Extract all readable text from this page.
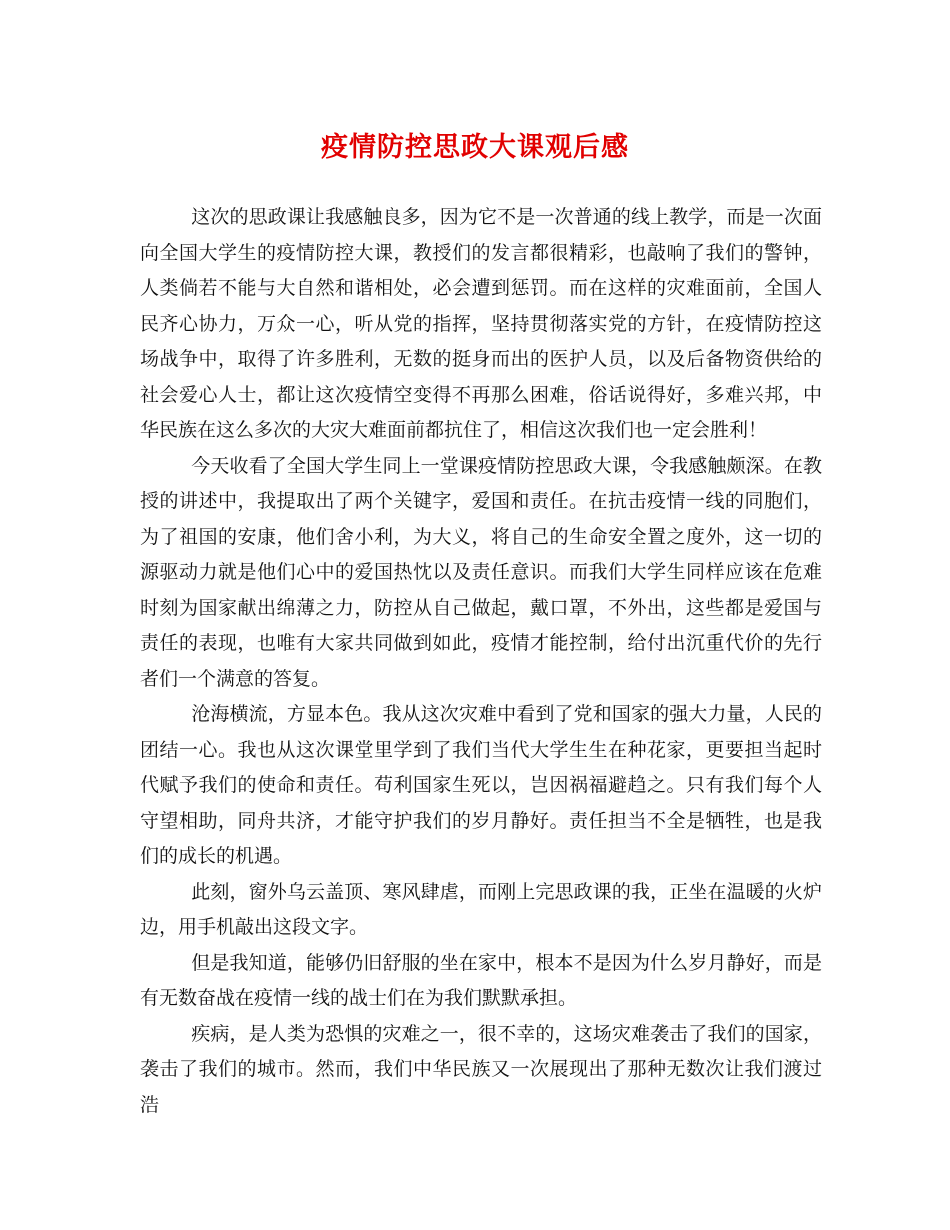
疫情防控思政大课观后感

这次的思政课让我感触良多，因为它不是一次普通的线上教学，而是一次面向全国大学生的疫情防控大课，教授们的发言都很精彩，也敲响了我们的警钟，人类倘若不能与大自然和谐相处，必会遭到惩罚。而在这样的灾难面前，全国人民齐心协力，万众一心，听从党的指挥，坚持贯彻落实党的方针，在疫情防控这场战争中，取得了许多胜利，无数的挺身而出的医护人员，以及后备物资供给的社会爱心人士，都让这次疫情空变得不再那么困难，俗话说得好，多难兴邦，中华民族在这么多次的大灾大难面前都抗住了，相信这次我们也一定会胜利！

今天收看了全国大学生同上一堂课疫情防控思政大课，令我感触颇深。在教授的讲述中，我提取出了两个关键字，爱国和责任。在抗击疫情一线的同胞们，为了祖国的安康，他们舍小利，为大义，将自己的生命安全置之度外，这一切的源驱动力就是他们心中的爱国热忱以及责任意识。而我们大学生同样应该在危难时刻为国家献出绵薄之力，防控从自己做起，戴口罩，不外出，这些都是爱国与责任的表现，也唯有大家共同做到如此，疫情才能控制，给付出沉重代价的先行者们一个满意的答复。

沧海横流，方显本色。我从这次灾难中看到了党和国家的强大力量，人民的团结一心。我也从这次课堂里学到了我们当代大学生生在种花家，更要担当起时代赋予我们的使命和责任。苟利国家生死以，岂因祸福避趋之。只有我们每个人守望相助，同舟共济，才能守护我们的岁月静好。责任担当不全是牺牲，也是我们的成长的机遇。

此刻，窗外乌云盖顶、寒风肆虐，而刚上完思政课的我，正坐在温暖的火炉边，用手机敲出这段文字。

但是我知道，能够仍旧舒服的坐在家中，根本不是因为什么岁月静好，而是有无数奋战在疫情一线的战士们在为我们默默承担。

疾病，是人类为恐惧的灾难之一，很不幸的，这场灾难袭击了我们的国家，袭击了我们的城市。然而，我们中华民族又一次展现出了那种无数次让我们渡过浩
